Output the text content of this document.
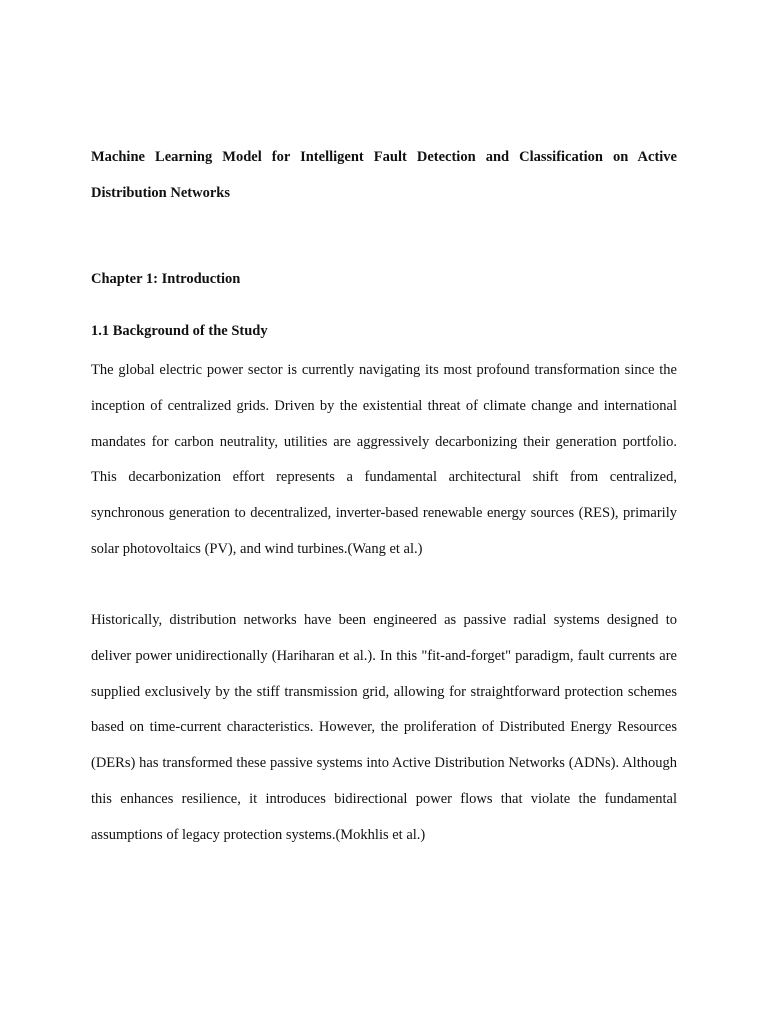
Machine Learning Model for Intelligent Fault Detection and Classification on Active Distribution Networks

Chapter 1: Introduction

1.1 Background of the Study

The global electric power sector is currently navigating its most profound transformation since the inception of centralized grids. Driven by the existential threat of climate change and international mandates for carbon neutrality, utilities are aggressively decarbonizing their generation portfolio. This decarbonization effort represents a fundamental architectural shift from centralized, synchronous generation to decentralized, inverter-based renewable energy sources (RES), primarily solar photovoltaics (PV), and wind turbines.(Wang et al.)

Historically, distribution networks have been engineered as passive radial systems designed to deliver power unidirectionally (Hariharan et al.). In this "fit-and-forget" paradigm, fault currents are supplied exclusively by the stiff transmission grid, allowing for straightforward protection schemes based on time-current characteristics. However, the proliferation of Distributed Energy Resources (DERs) has transformed these passive systems into Active Distribution Networks (ADNs). Although this enhances resilience, it introduces bidirectional power flows that violate the fundamental assumptions of legacy protection systems.(Mokhlis et al.)
